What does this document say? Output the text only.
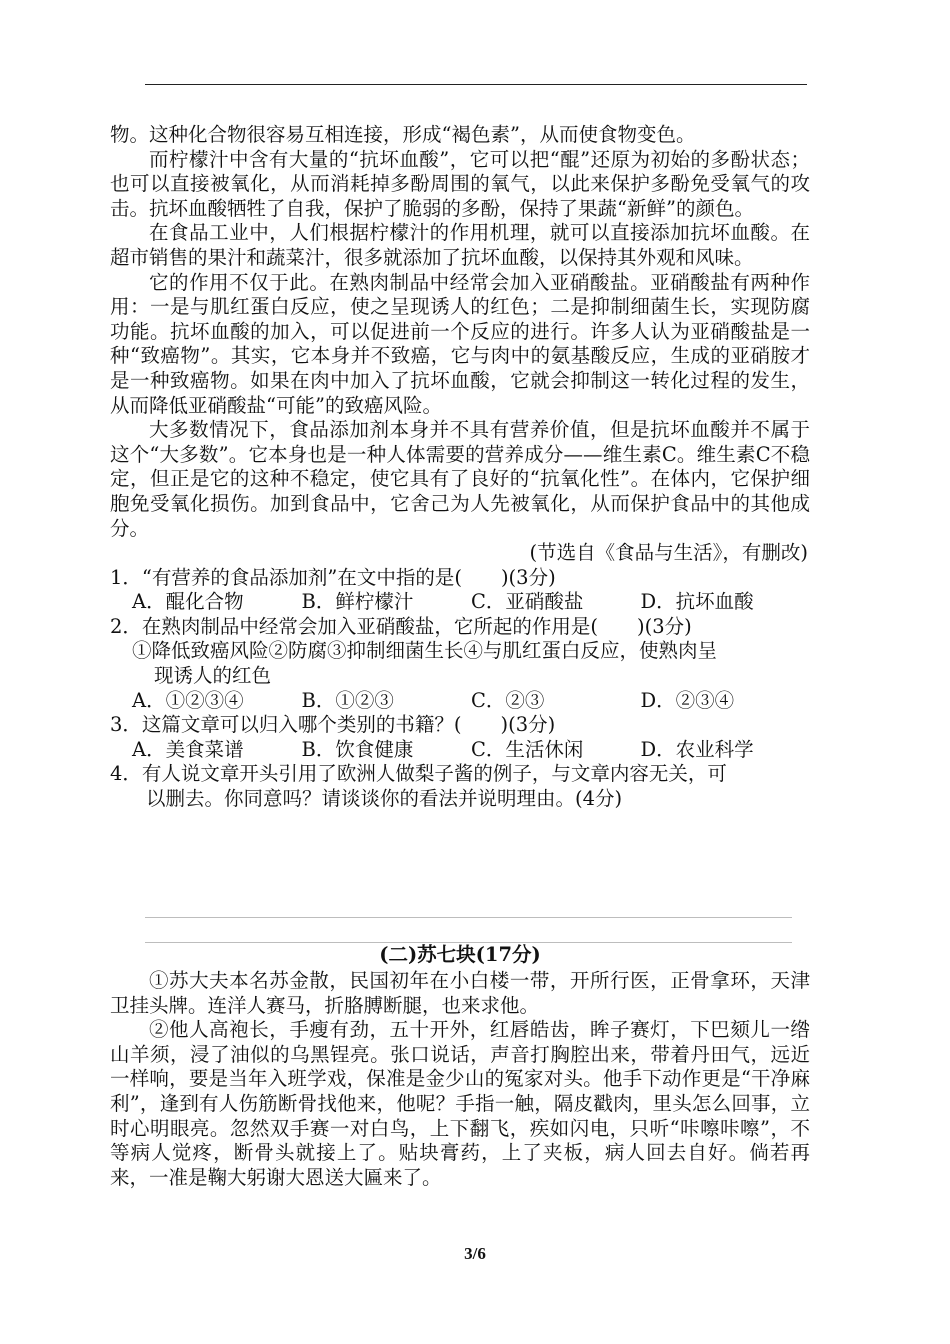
物。这种化合物很容易互相连接，形成“褐色素”，从而使食物变色。

而柠檬汁中含有大量的“抗坏血酸”，它可以把“醌”还原为初始的多酚状态；也可以直接被氧化，从而消耗掉多酚周围的氧气，以此来保护多酚免受氧气的攻击。抗坏血酸牺牲了自我，保护了脆弱的多酚，保持了果蔬“新鲜”的颜色。

在食品工业中，人们根据柠檬汁的作用机理，就可以直接添加抗坏血酸。在超市销售的果汁和蔬菜汁，很多就添加了抗坏血酸，以保持其外观和风味。

它的作用不仅于此。在熟肉制品中经常会加入亚硝酸盐。亚硝酸盐有两种作用：一是与肌红蛋白反应，使之呈现诱人的红色；二是抑制细菌生长，实现防腐功能。抗坏血酸的加入，可以促进前一个反应的进行。许多人认为亚硝酸盐是一种“致癌物”。其实，它本身并不致癌，它与肉中的氨基酸反应，生成的亚硝胺才是一种致癌物。如果在肉中加入了抗坏血酸，它就会抑制这一转化过程的发生，从而降低亚硝酸盐“可能”的致癌风险。

大多数情况下，食品添加剂本身并不具有营养价值，但是抗坏血酸并不属于这个“大多数”。它本身也是一种人体需要的营养成分——维生素C。维生素C不稳定，但正是它的这种不稳定，使它具有了良好的“抗氧化性”。在体内，它保护细胞免受氧化损伤。加到食品中，它舍己为人先被氧化，从而保护食品中的其他成分。

(节选自《食品与生活》，有删改)

1．“有营养的食品添加剂”在文中指的是(　　)(3分)

A．醌化合物	B．鲜柠檬汁	C．亚硝酸盐	D．抗坏血酸

2．在熟肉制品中经常会加入亚硝酸盐，它所起的作用是(　　)(3分)

①降低致癌风险②防腐③抑制细菌生长④与肌红蛋白反应，使熟肉呈

现诱人的红色

A．①②③④	B．①②③	C．②③	D．②③④

3．这篇文章可以归入哪个类别的书籍？(　　)(3分)

A．美食菜谱	B．饮食健康	C．生活休闲	D．农业科学

4．有人说文章开头引用了欧洲人做梨子酱的例子，与文章内容无关，可

以删去。你同意吗？请谈谈你的看法并说明理由。(4分)

(二)苏七块(17分)

①苏大夫本名苏金散，民国初年在小白楼一带，开所行医，正骨拿环，天津卫挂头牌。连洋人赛马，折胳膊断腿，也来求他。

②他人高袍长，手瘦有劲，五十开外，红唇皓齿，眸子赛灯，下巴颏儿一绺山羊须，浸了油似的乌黑锃亮。张口说话，声音打胸腔出来，带着丹田气，远近一样响，要是当年入班学戏，保准是金少山的冤家对头。他手下动作更是“干净麻利”，逢到有人伤筋断骨找他来，他呢？手指一触，隔皮戳肉，里头怎么回事，立时心明眼亮。忽然双手赛一对白鸟，上下翻飞，疾如闪电，只听“咔嚓咔嚓”，不等病人觉疼，断骨头就接上了。贴块膏药，上了夹板，病人回去自好。倘若再来，一准是鞠大躬谢大恩送大匾来了。

3/6
